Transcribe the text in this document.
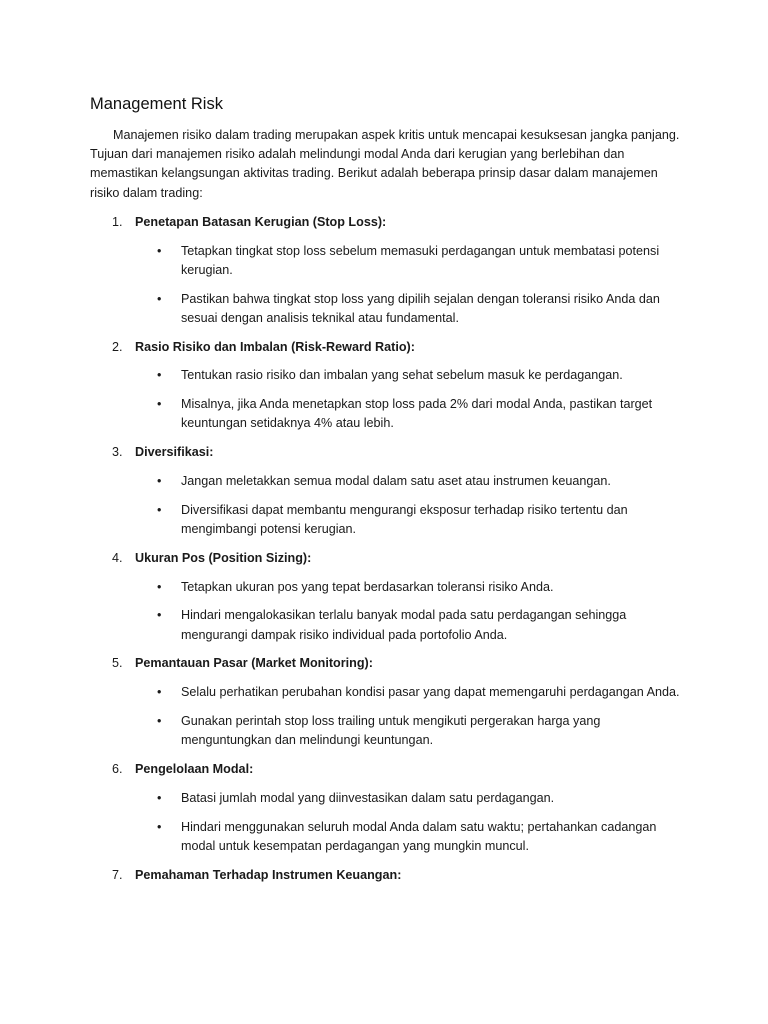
Management Risk

Manajemen risiko dalam trading merupakan aspek kritis untuk mencapai kesuksesan jangka panjang. Tujuan dari manajemen risiko adalah melindungi modal Anda dari kerugian yang berlebihan dan memastikan kelangsungan aktivitas trading. Berikut adalah beberapa prinsip dasar dalam manajemen risiko dalam trading:

1. Penetapan Batasan Kerugian (Stop Loss):
• Tetapkan tingkat stop loss sebelum memasuki perdagangan untuk membatasi potensi kerugian.
• Pastikan bahwa tingkat stop loss yang dipilih sejalan dengan toleransi risiko Anda dan sesuai dengan analisis teknikal atau fundamental.
2. Rasio Risiko dan Imbalan (Risk-Reward Ratio):
• Tentukan rasio risiko dan imbalan yang sehat sebelum masuk ke perdagangan.
• Misalnya, jika Anda menetapkan stop loss pada 2% dari modal Anda, pastikan target keuntungan setidaknya 4% atau lebih.
3. Diversifikasi:
• Jangan meletakkan semua modal dalam satu aset atau instrumen keuangan.
• Diversifikasi dapat membantu mengurangi eksposur terhadap risiko tertentu dan mengimbangi potensi kerugian.
4. Ukuran Pos (Position Sizing):
• Tetapkan ukuran pos yang tepat berdasarkan toleransi risiko Anda.
• Hindari mengalokasikan terlalu banyak modal pada satu perdagangan sehingga mengurangi dampak risiko individual pada portofolio Anda.
5. Pemantauan Pasar (Market Monitoring):
• Selalu perhatikan perubahan kondisi pasar yang dapat memengaruhi perdagangan Anda.
• Gunakan perintah stop loss trailing untuk mengikuti pergerakan harga yang menguntungkan dan melindungi keuntungan.
6. Pengelolaan Modal:
• Batasi jumlah modal yang diinvestasikan dalam satu perdagangan.
• Hindari menggunakan seluruh modal Anda dalam satu waktu; pertahankan cadangan modal untuk kesempatan perdagangan yang mungkin muncul.
7. Pemahaman Terhadap Instrumen Keuangan:
